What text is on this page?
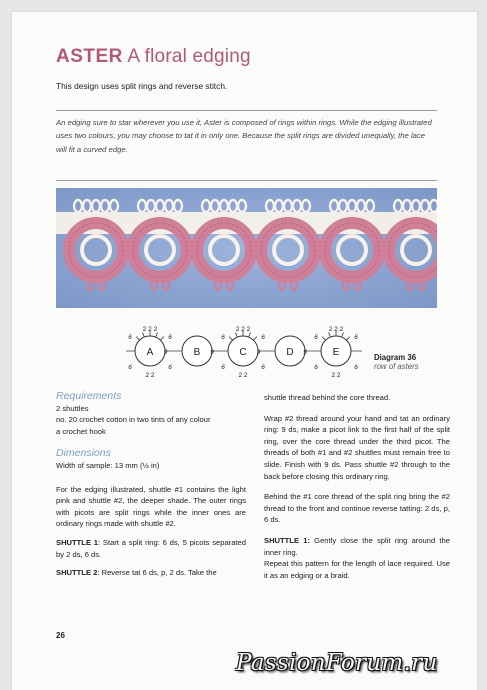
ASTER A floral edging
This design uses split rings and reverse stitch.
An edging sure to star wherever you use it, Aster is composed of rings within rings. While the edging illustrated uses two colours, you may choose to tat it in only one. Because the split rings are divided unequally, the lace will fit a curved edge.
A
2 2 2
6	6
2 2
6	6
B	C
2 2 2
6	6
2 2
6	6
D	E
2 2 2
6	6
2 2
6	6
9	9	9	9
Diagram 36
row of asters

Requirements

2 shuttles

no. 20 crochet cotton in two tints of any colour

a crochet hook

Dimensions

Width of sample: 13 mm (½ in)

For the edging illustrated, shuttle #1 contains the light pink and shuttle #2, the deeper shade. The outer rings with picots are split rings while the inner ones are ordinary rings made with shuttle #2.

SHUTTLE 1: Start a split ring: 6 ds, 5 picots separated by 2 ds, 6 ds.

SHUTTLE 2: Reverse tat 6 ds, p, 2 ds. Take the

shuttle thread behind the core thread.

Wrap #2 thread around your hand and tat an ordinary ring: 9 ds, make a picot link to the first half of the split ring, over the core thread under the third picot. The threads of both #1 and #2 shuttles must remain free to slide. Finish with 9 ds. Pass shuttle #2 through to the back before closing this ordinary ring.

Behind the #1 core thread of the split ring bring the #2 thread to the front and continue reverse tatting: 2 ds, p, 6 ds.

SHUTTLE 1: Gently close the split ring around the inner ring.

Repeat this pattern for the length of lace required. Use it as an edging or a braid.

26
PassionForum.ru
